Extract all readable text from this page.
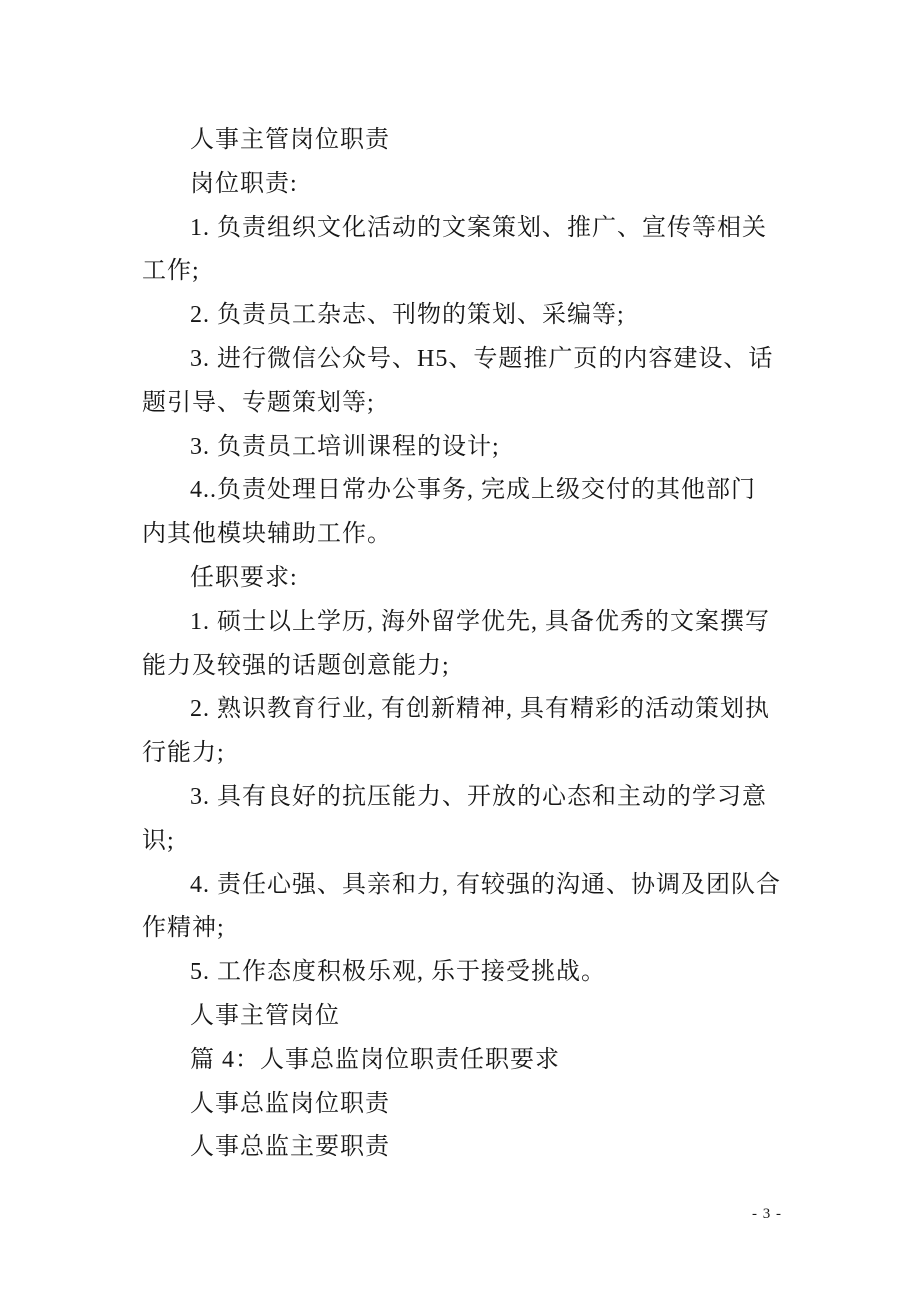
人事主管岗位职责
岗位职责:
1. 负责组织文化活动的文案策划、推广、宣传等相关
工作;
2. 负责员工杂志、刊物的策划、采编等;
3. 进行微信公众号、H5、专题推广页的内容建设、话
题引导、专题策划等;
3. 负责员工培训课程的设计;
4..负责处理日常办公事务, 完成上级交付的其他部门
内其他模块辅助工作。
任职要求:
1. 硕士以上学历, 海外留学优先, 具备优秀的文案撰写
能力及较强的话题创意能力;
2. 熟识教育行业, 有创新精神, 具有精彩的活动策划执
行能力;
3. 具有良好的抗压能力、开放的心态和主动的学习意
识;
4. 责任心强、具亲和力, 有较强的沟通、协调及团队合
作精神;
5. 工作态度积极乐观, 乐于接受挑战。
人事主管岗位
篇 4：人事总监岗位职责任职要求
人事总监岗位职责
人事总监主要职责
- 3 -
